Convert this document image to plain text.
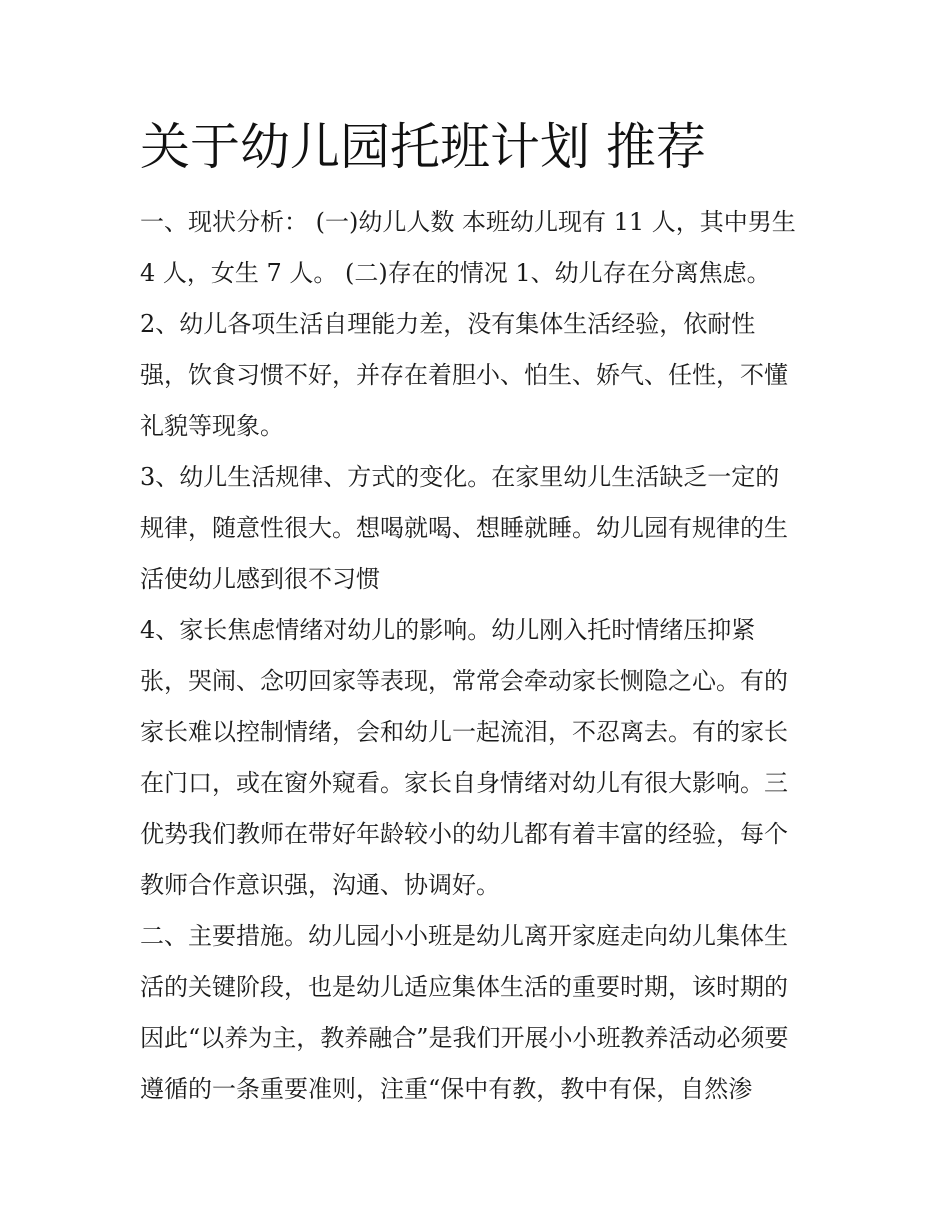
关于幼儿园托班计划 推荐

一、现状分析： (一)幼儿人数 本班幼儿现有 11 人，其中男生

4 人，女生 7 人。 (二)存在的情况 1、幼儿存在分离焦虑。

2、幼儿各项生活自理能力差，没有集体生活经验，依耐性

强，饮食习惯不好，并存在着胆小、怕生、娇气、任性，不懂

礼貌等现象。

3、幼儿生活规律、方式的变化。在家里幼儿生活缺乏一定的

规律，随意性很大。想喝就喝、想睡就睡。幼儿园有规律的生

活使幼儿感到很不习惯

4、家长焦虑情绪对幼儿的影响。幼儿刚入托时情绪压抑紧

张，哭闹、念叨回家等表现，常常会牵动家长恻隐之心。有的

家长难以控制情绪，会和幼儿一起流泪，不忍离去。有的家长

在门口，或在窗外窥看。家长自身情绪对幼儿有很大影响。三

优势我们教师在带好年龄较小的幼儿都有着丰富的经验，每个

教师合作意识强，沟通、协调好。

二、主要措施。幼儿园小小班是幼儿离开家庭走向幼儿集体生

活的关键阶段，也是幼儿适应集体生活的重要时期，该时期的

因此“以养为主，教养融合”是我们开展小小班教养活动必须要

遵循的一条重要准则，注重“保中有教，教中有保，自然渗
